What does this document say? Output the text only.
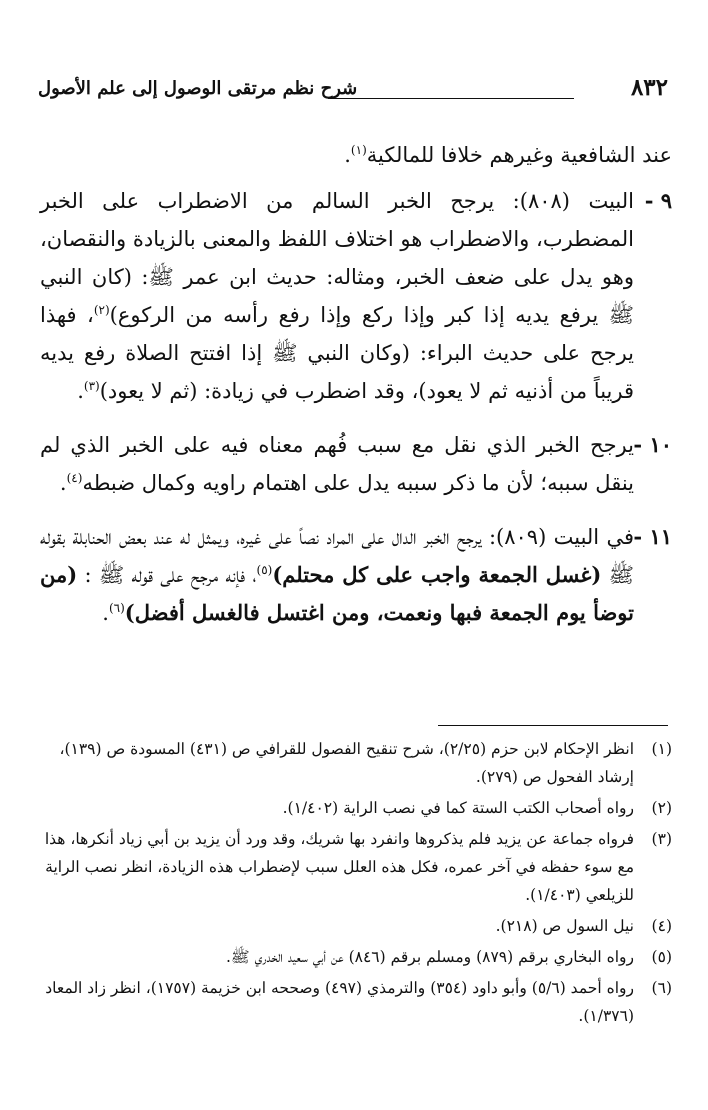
٨٣٢
شرح نظم مرتقى الوصول إلى علم الأصول

عند الشافعية وغيرهم خلافا للمالكية$^{(١)}$.

٩ -
البيت (٨٠٨): يرجح الخبر السالم من الاضطراب على الخبر المضطرب، والاضطراب هو اختلاف اللفظ والمعنى بالزيادة والنقصان، وهو يدل على ضعف الخبر، ومثاله: حديث ابن عمر ﷺ: (كان النبي ﷺ يرفع يديه إذا كبر وإذا ركع وإذا رفع رأسه من الركوع)$^{(٢)}$، فهذا يرجح على حديث البراء: (وكان النبي ﷺ إذا افتتح الصلاة رفع يديه قريباً من أذنيه ثم لا يعود)، وقد اضطرب في زيادة: (ثم لا يعود)$^{(٣)}$.
١٠ -
يرجح الخبر الذي نقل مع سبب فُهم معناه فيه على الخبر الذي لم ينقل سببه؛ لأن ما ذكر سببه يدل على اهتمام راويه وكمال ضبطه$^{(٤)}$.
١١ -
في البيت (٨٠٩): يرجح الخبر الدال على المراد نصاً على غيره، ويمثل له عند بعض الحنابلة بقوله ﷺ (غسل الجمعة واجب على كل محتلم)$^{(٥)}$، فإنه مرجح على قوله ﷺ : (من توضأ يوم الجمعة فبها ونعمت، ومن اغتسل فالغسل أفضل)$^{(٦)}$.
(١)
انظر الإحكام لابن حزم (٢/٢٥)، شرح تنقيح الفصول للقرافي ص (٤٣١) المسودة ص (١٣٩)، إرشاد الفحول ص (٢٧٩).
(٢)
رواه أصحاب الكتب الستة كما في نصب الراية (١/٤٠٢).
(٣)
فرواه جماعة عن يزيد فلم يذكروها وانفرد بها شريك، وقد ورد أن يزيد بن أبي زياد أنكرها، هذا مع سوء حفظه في آخر عمره، فكل هذه العلل سبب لإضطراب هذه الزيادة، انظر نصب الراية للزيلعي (١/٤٠٣).
(٤)
نيل السول ص (٢١٨).
(٥)
رواه البخاري برقم (٨٧٩) ومسلم برقم (٨٤٦) عن أبي سعيد الخدري ﷺ.
(٦)
رواه أحمد (٥/٦) وأبو داود (٣٥٤) والترمذي (٤٩٧) وصححه ابن خزيمة (١٧٥٧)، انظر زاد المعاد (١/٣٧٦).
